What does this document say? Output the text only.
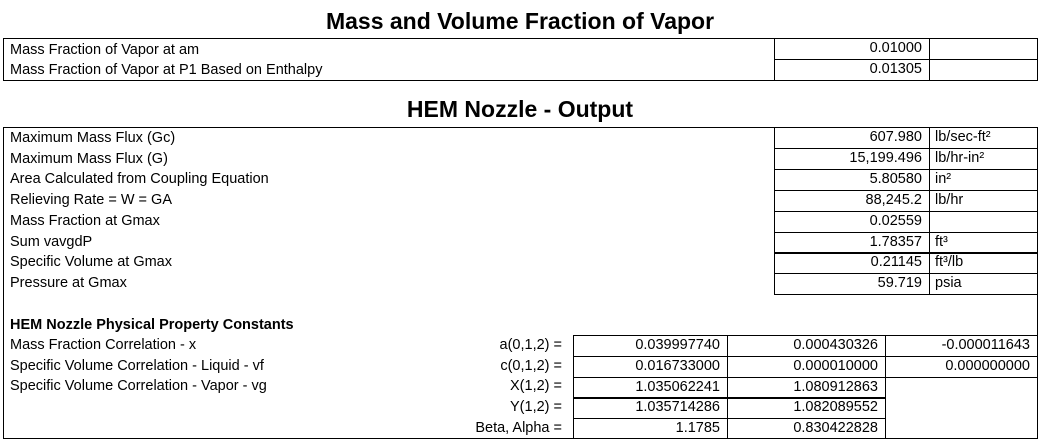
Mass and Volume Fraction of Vapor
Mass Fraction of Vapor at am
Mass Fraction of Vapor at P1 Based on Enthalpy
0.01000
0.01305
HEM Nozzle - Output
Maximum Mass Flux (Gc)
Maximum Mass Flux (G)
Area Calculated from Coupling Equation
Relieving Rate = W = GA
Mass Fraction at Gmax
Sum vavgdP
Specific Volume at Gmax
Pressure at Gmax
607.980
15,199.496
5.80580
88,245.2
0.02559
1.78357
0.21145
59.719
lb/sec-ft²
lb/hr-in²
in²
lb/hr
ft³
ft³/lb
psia
HEM Nozzle Physical Property Constants
Mass Fraction Correlation - x
Specific Volume Correlation - Liquid - vf
Specific Volume Correlation - Vapor - vg
a(0,1,2) =
c(0,1,2) =
X(1,2) =
Y(1,2) =
Beta, Alpha =
0.039997740
0.016733000
1.035062241
1.035714286
1.1785
0.000430326
0.000010000
1.080912863
1.082089552
0.830422828
-0.000011643
0.000000000
